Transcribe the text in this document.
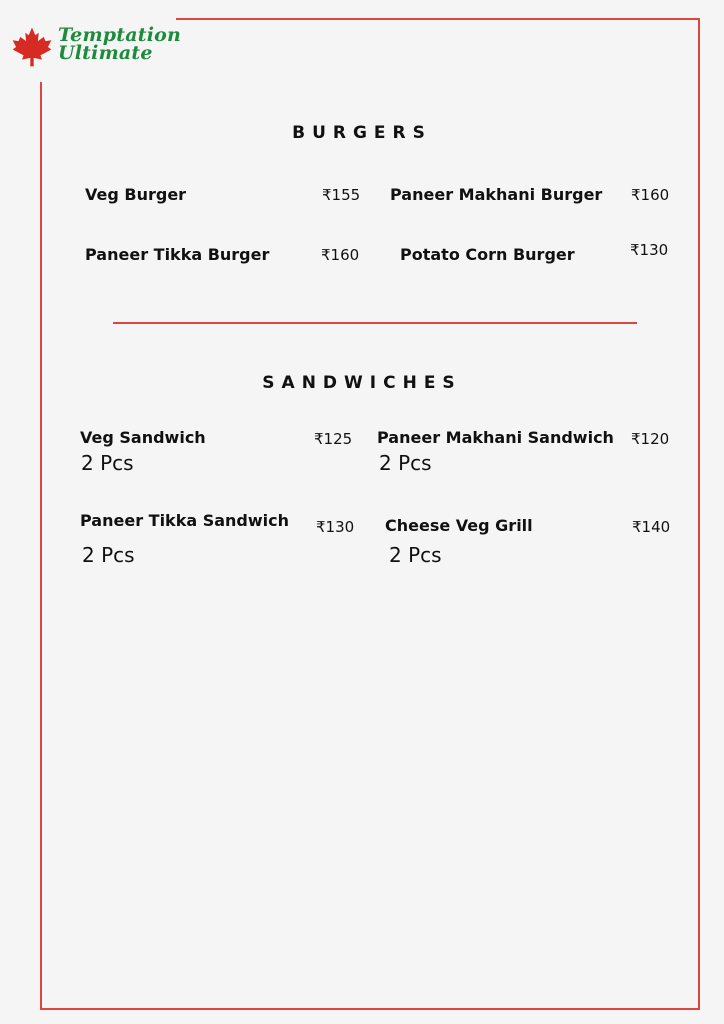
Temptation
Ultimate
BURGERS
Veg Burger	₹155 Paneer Makhani Burger ₹160
Paneer Tikka Burger	₹160	Potato Corn Burger	₹130
SANDWICHES
Veg Sandwich	₹125
2 Pcs
Paneer Makhani Sandwich ₹120
2 Pcs
Paneer Tikka Sandwich ₹130
2 Pcs
Cheese Veg Grill	₹140
2 Pcs
